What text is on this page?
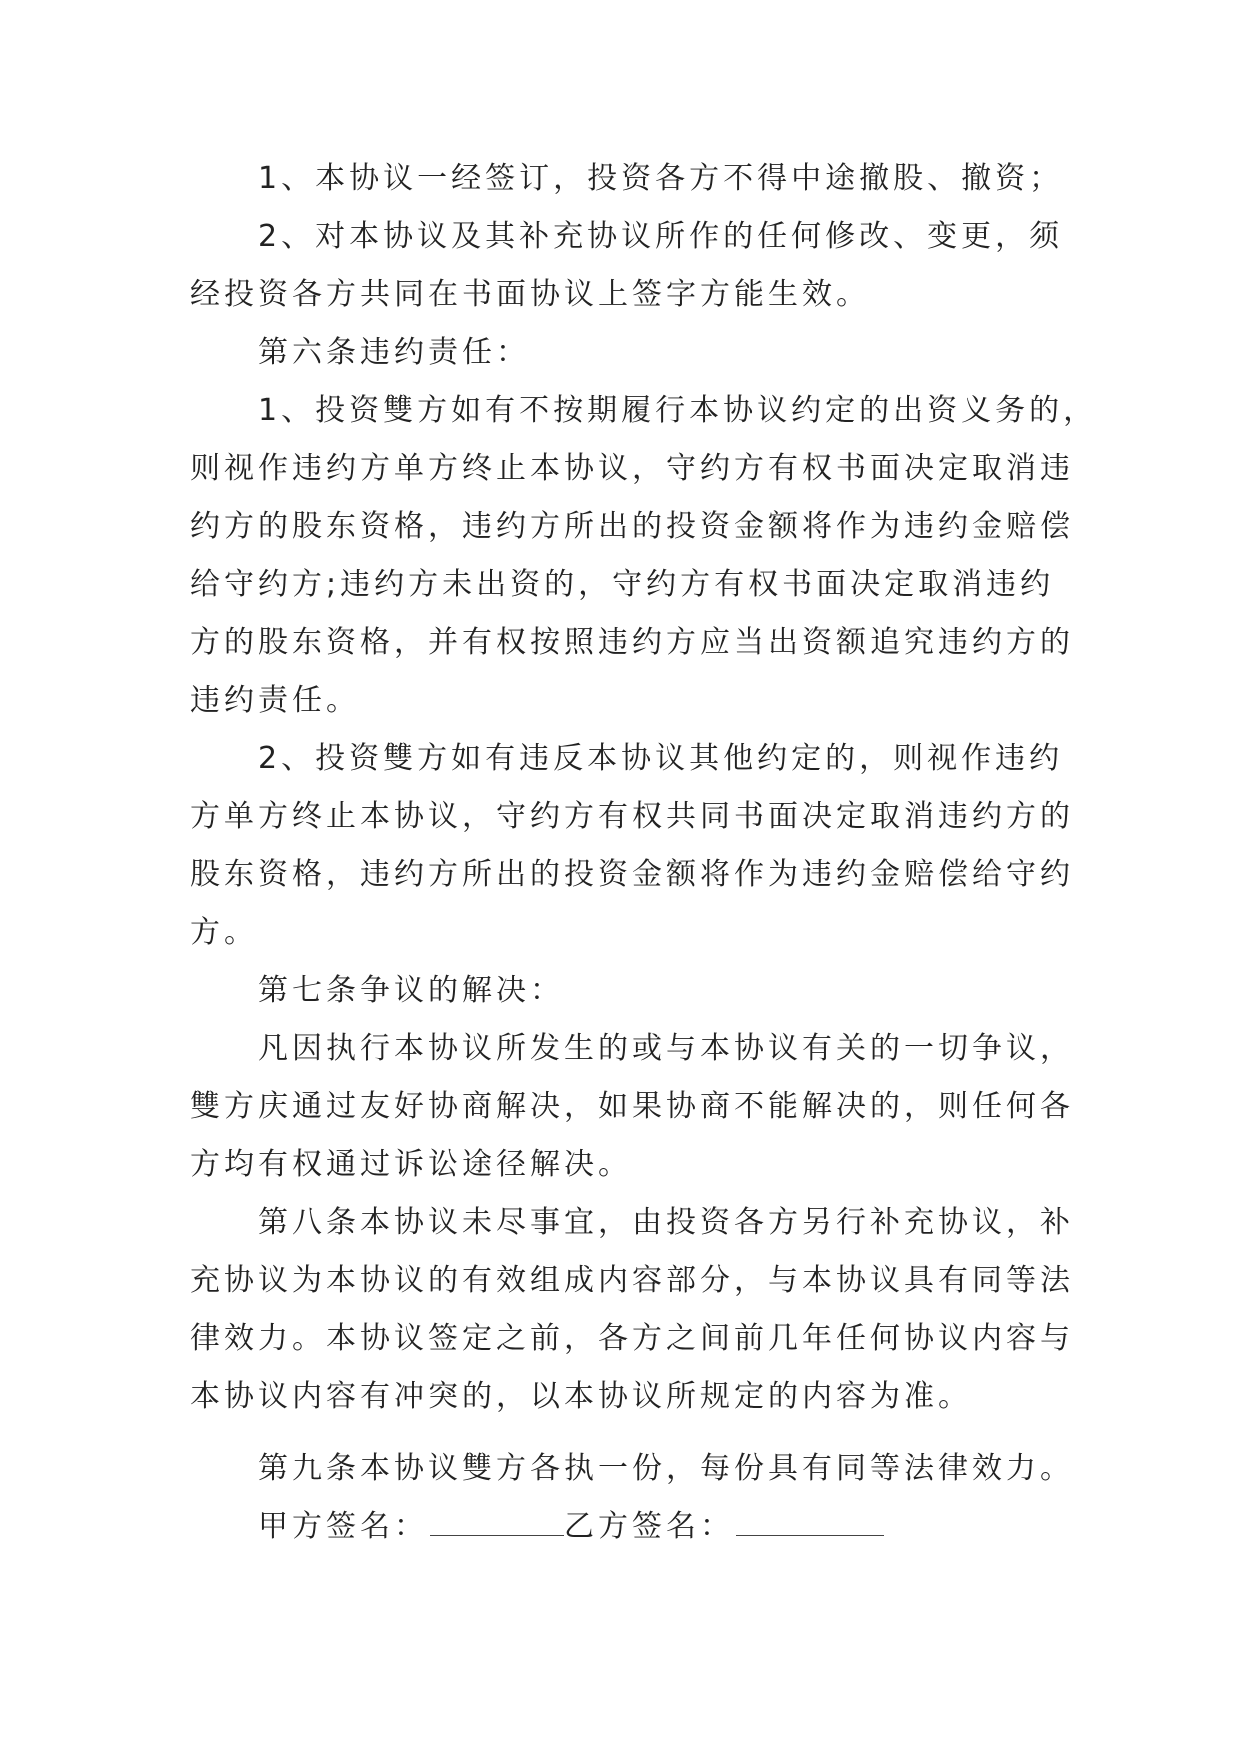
1、本协议一经签订，投资各方不得中途撤股、撤资；
2、对本协议及其补充协议所作的任何修改、变更，须
经投资各方共同在书面协议上签字方能生效。
第六条违约责任：
1、投资雙方如有不按期履行本协议约定的出资义务的，
则视作违约方单方终止本协议，守约方有权书面决定取消违
约方的股东资格，违约方所出的投资金额将作为违约金赔偿
给守约方;违约方未出资的，守约方有权书面决定取消违约
方的股东资格，并有权按照违约方应当出资额追究违约方的
违约责任。
2、投资雙方如有违反本协议其他约定的，则视作违约
方单方终止本协议，守约方有权共同书面决定取消违约方的
股东资格，违约方所出的投资金额将作为违约金赔偿给守约
方。
第七条争议的解决：
凡因执行本协议所发生的或与本协议有关的一切争议，
雙方庆通过友好协商解决，如果协商不能解决的，则任何各
方均有权通过诉讼途径解决。
第八条本协议未尽事宜，由投资各方另行补充协议，补
充协议为本协议的有效组成内容部分，与本协议具有同等法
律效力。本协议签定之前，各方之间前几年任何协议内容与
本协议内容有冲突的，以本协议所规定的内容为准。
第九条本协议雙方各执一份，每份具有同等法律效力。
甲方签名：	乙方签名：
